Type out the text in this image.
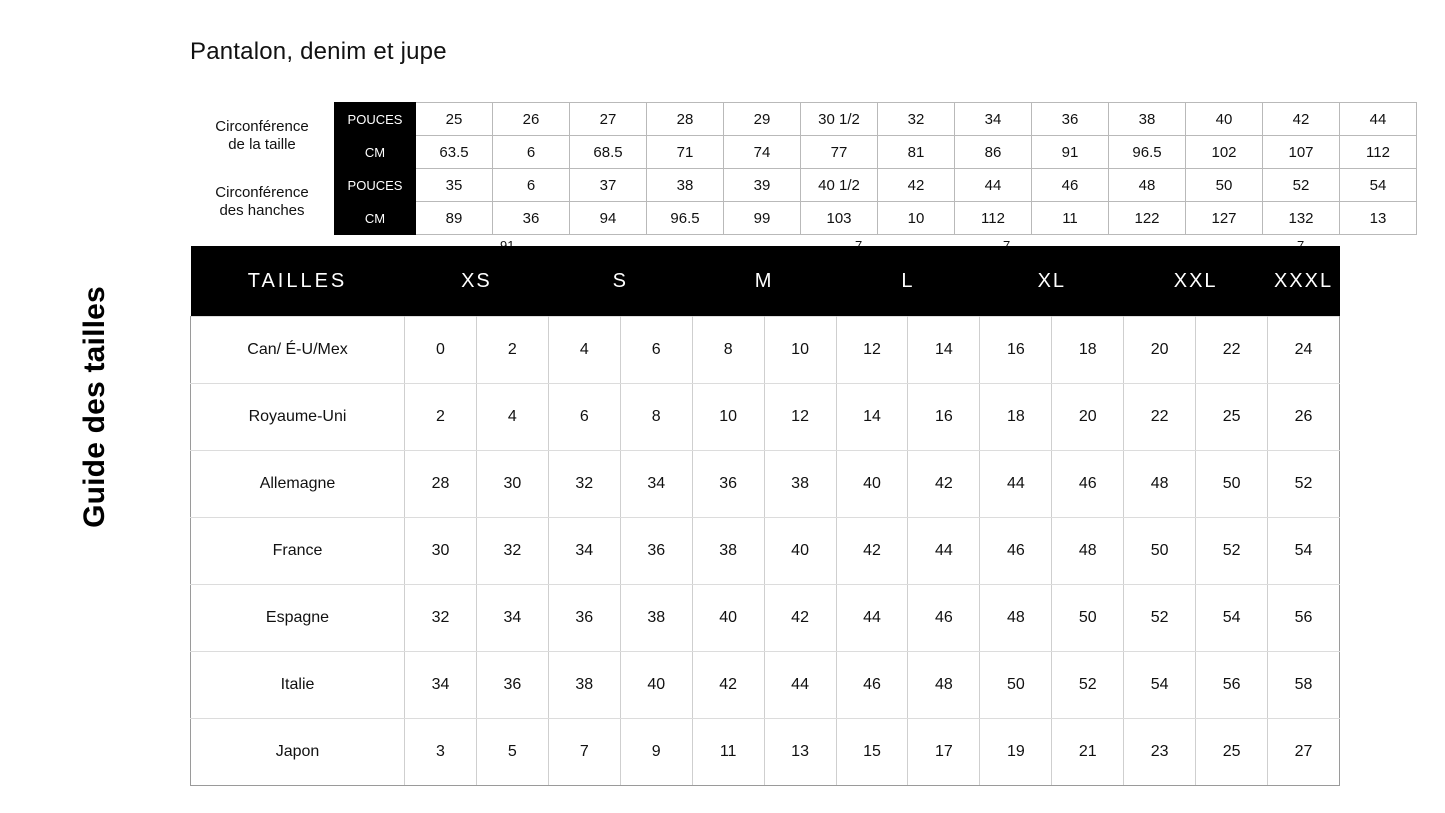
Guide des tailles
Pantalon, denim et jupe
Circonférence
de la taille	POUCES	25	26	27	28	29	30 1/2	32	34	36	38	40	42	44
	CM	63.5	6	68.5	71	74	77	81	86	91	96.5	102	107	112

Circonférence
des hanches	POUCES	35	6	37	38	39	40 1/2	42	44	46	48	50	52	54
	CM	89	36	94	96.5	99	103	10	112	11	122	127	132	13
TAILLES	XS		S		M		L		XL		XXL		XXXL
Can/ É-U/Mex	0	2	4	6	8	10	12	14	16	18	20	22	24
Royaume-Uni	2	4	6	8	10	12	14	16	18	20	22	25	26
Allemagne	28	30	32	34	36	38	40	42	44	46	48	50	52
France	30	32	34	36	38	40	42	44	46	48	50	52	54
Espagne	32	34	36	38	40	42	44	46	48	50	52	54	56
Italie	34	36	38	40	42	44	46	48	50	52	54	56	58
Japon	3	5	7	9	11	13	15	17	19	21	23	25	27
